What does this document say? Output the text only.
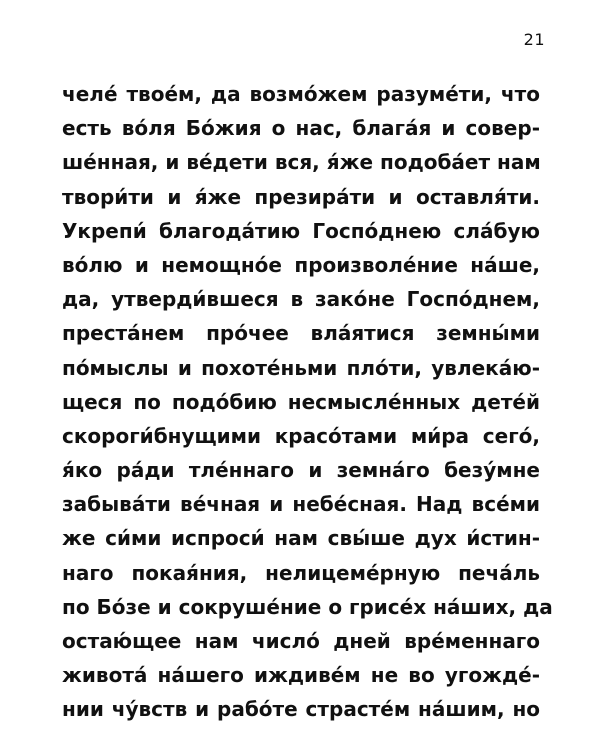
21
челе́ твое́м, да возмо́жем разуме́ти, что
есть во́ля Бо́жия о нас, блага́я и совер-
ше́нная, и ве́дети вся, я́же подоба́ет нам
твори́ти и я́же презира́ти и оставля́ти.
Укрепи́ благода́тию Госпо́днею сла́бую
во́лю и немощно́е произволе́ние на́ше,
да, утверди́вшеся в зако́не Госпо́днем,
преста́нем про́чее вла́ятися земны́ми
по́мыслы и похоте́ньми пло́ти, увлека́ю-
щеся по подо́бию несмысле́нных дете́й
скороги́бнущими красо́тами ми́ра сего́,
я́ко ра́ди тле́ннаго и земна́го безу́мне
забыва́ти ве́чная и небе́сная. Над все́ми
же си́ми испроси́ нам свы́ше дух и́стин-
наго покая́ния, нелицеме́рную печа́ль
по Бо́зе и сокруше́ние о грисе́х на́ших, да
остаю́щее нам число́ дней вре́меннаго
живота́ на́шего иждиве́м не во угожде́-
нии чу́вств и рабо́те страсте́м на́шим, но
